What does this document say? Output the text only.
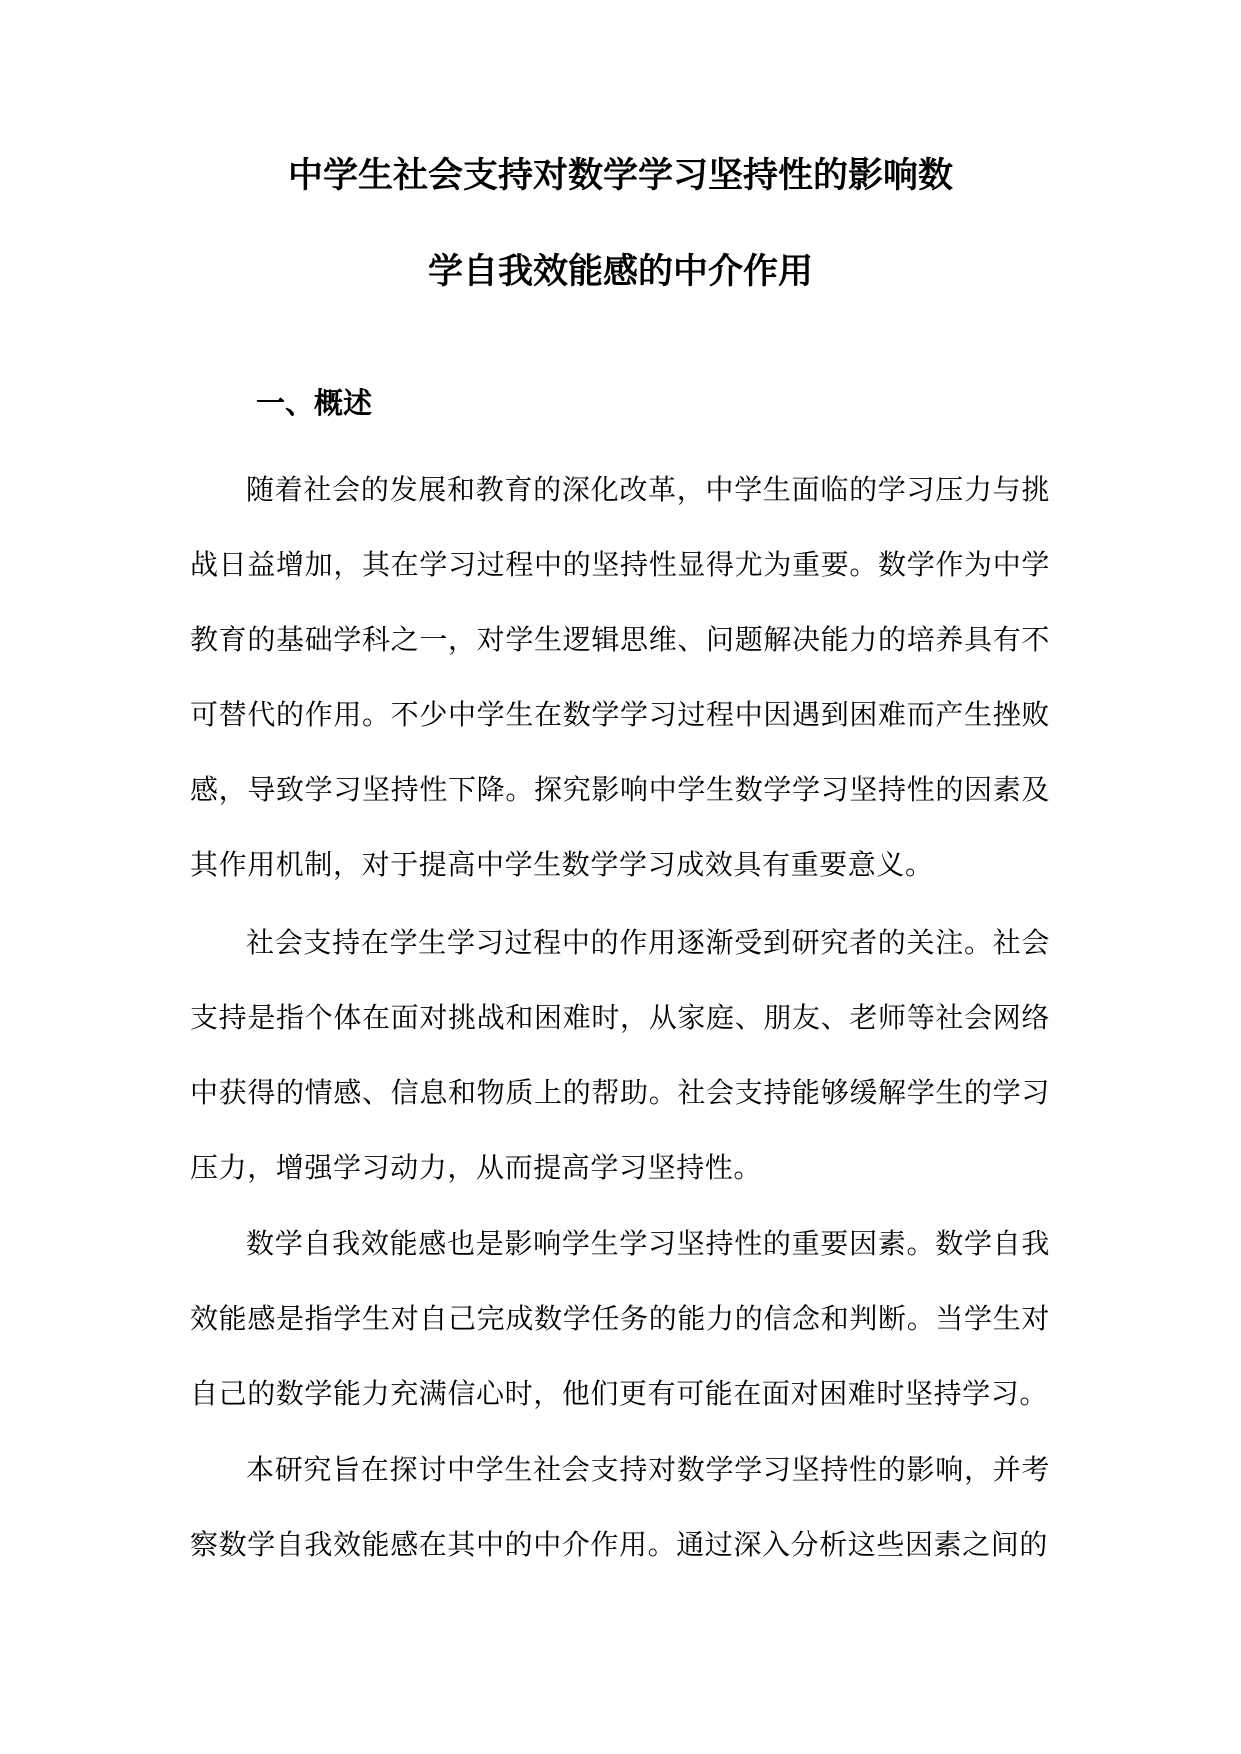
中学生社会支持对数学学习坚持性的影响数
学自我效能感的中介作用
一、概述

随着社会的发展和教育的深化改革，中学生面临的学习压力与挑战日益增加，其在学习过程中的坚持性显得尤为重要。数学作为中学教育的基础学科之一，对学生逻辑思维、问题解决能力的培养具有不可替代的作用。不少中学生在数学学习过程中因遇到困难而产生挫败感，导致学习坚持性下降。探究影响中学生数学学习坚持性的因素及其作用机制，对于提高中学生数学学习成效具有重要意义。

社会支持在学生学习过程中的作用逐渐受到研究者的关注。社会支持是指个体在面对挑战和困难时，从家庭、朋友、老师等社会网络中获得的情感、信息和物质上的帮助。社会支持能够缓解学生的学习压力，增强学习动力，从而提高学习坚持性。

数学自我效能感也是影响学生学习坚持性的重要因素。数学自我效能感是指学生对自己完成数学任务的能力的信念和判断。当学生对自己的数学能力充满信心时，他们更有可能在面对困难时坚持学习。

本研究旨在探讨中学生社会支持对数学学习坚持性的影响，并考察数学自我效能感在其中的中介作用。通过深入分析这些因素之间的
